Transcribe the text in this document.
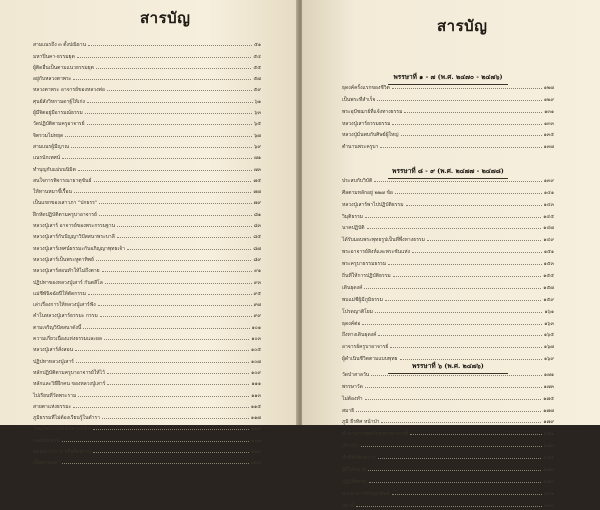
สารบัญ
สามเณรถึง ๓ ตั้งปณิธาน	๕๑
มหาปิ่นคา-ธรรมยุต	๕๔
ผู้ติดอื่นเป็นตามแนวธรรมยุต	๕๕
อยู่กับหลวงตาพระ	๕๗
หลวงตาพระ อาจารย์ของหลวงพ่อ	๕๙
ศุนย์สังวิหกามดาฐ์ให้เก่ง	๖๑
ผู้มีจิตอยู่มีอารมณ์ธรรม	๖๓
วัดปฏิบัติตามครูอาจารย์	๖๕
จิตรวมไม่หยุด	๖๗
สามเณรผู้มีญาณ	๖๙
เณรนักเทศน์	๗๑
ทำบุญกับแม่บนนิมิต	๗๓
สนใจการพิจารณาธาตุขันธ์	๗๕
ให้ทานหมาขี้เรื้อน	๗๗
เป็นแขกของเสาวภา "ปกธรร"	๗๙
ฝึกหัดปฏิบัติตามครูบาอาจารย์	๘๑
หลวงปู่เสาร์ อาจารย์ของพระกรรมฐาน	๘๓
หลวงปู่เสาร์กับปัญญาวิปัสสนาพระบาลี	๘๕
หลวงปู่เสาร์เทศน์ธรรมะกับอภิญญาพุทธเจ้า	๘๗
หลวงปู่เสาร์เป็นพระหูตาทิพย์	๘๙
หลวงปู่เสาร์สอนทำให้ไม่ถึงตาย	๙๑
ปฏิปทาของหลวงปู่เสาร์ กันตสีโล	๙๓
แม่ชีพันิจฉัยปีให้ตัดกรรม	๙๕
เล่าเรื่องการให้หลวงปู่เสาร์ฟัง	๙๗
คำในหลวงปู่เสาร์ธรรมะ กรรม	๙๙
ตามเจริญวิปัสสนาดังนี้	๑๐๑
ความเกี่ยวเนื่องแห่งธรรมและผล	๑๐๓
หลวงปู่เสาร์สั่งสอน	๑๐๕
ปฏิปทาหลวงปู่เสาร์	๑๐๗
หลักปฏิบัติตามครูบาอาจารย์ให้ไว้	๑๐๙
หลักและวิธีฝึกคน ของหลวงปู่เสาร์	๑๑๑
ไปเรียนที่วัดพระราม	๑๑๓
สายตาแห่งธรรมะ	๑๑๕
ภูมิธรรมที่ไม่ต้องเรียนรู้ในตำรา	๑๑๗
โดนโดนไล่ให้เดินตามนิมิต	๑๑๙
เจอบ่อพนาน	๑๒๑
พบอุดกรวการ หรือศีลธรรม	๑๒๓
เป็นพรหมดา	๑๒๕
สารบัญ
พรรษาที่ ๑ - ๗ (พ.ศ. ๒๔๗๐ - ๒๔๗๖)
ธุดงค์ครั้งแรกของชีวิต	๑๒๗
เป็นพระที่สำเร็จ	๑๒๙
พระอุปัชฌาย์ที่แจ้งทางธรรม	๑๓๑
หลวงปู่เสาร์ธรรมธรรม	๑๓๓
หลวงปู่มั่นพบกับศิษย์ผู้ใหญ่	๑๓๕
ตำนานพระครูบา	๑๓๗
พรรษาที่ ๘ - ๙ (พ.ศ. ๒๔๗๗ - ๒๔๗๘)
ประสบกับวิบัติ	๑๓๙
ศีลตามหลักอยู่ ๒๒๗ ข้อ	๑๔๑
หลวงปู่เสาร์พาไปปฏิบัติธรรม	๑๔๓
วิมุติธรรม	๑๔๕
นาคปฏิบัติ	๑๔๗
ได้รับมอบพระพุทธรูปเป็นที่พึ่งทางธรรม	๑๔๙
พระอาจารย์สิงห์และพระชันแห่ง	๑๕๑
พระครูบาธรรมธรรม	๑๕๓
ถิ่นที่ให้การปฏิบัติธรรม	๑๕๕
เดินธุดงค์	๑๕๗
พบแม่ชีผู้มีภูมิธรรม	๑๕๙
โปรดญาติโยม	๑๖๑
ธุดงค์ต่อ	๑๖๓
ถึงทางเดินธุดงค์	๑๖๕
อาจารย์ครูบาอาจารย์	๑๖๗
ผู้ดำเนินชีวิตตามแบบพุทธ	๑๖๙
พรรษาที่ ๖ (พ.ศ. ๒๔๗๖)
วัดป่าสาลวัน	๑๗๑
พรรษาวัด	๑๗๓
ไม่ต้องทำ	๑๗๕
สมาธิ	๑๗๗
ภูมิ ธีรทิศ หน้าป่า	๑๗๙
ตำนานการพบกับครูบาอาจารย์	๑๘๑
เจ้าหน้า	๑๘๓
ทำที่พักชั่วคราว	๑๘๕
ผู้ที่ได้สมาธิ	๑๘๗
ปฏิบัติธรรม	๑๘๙
พระอาจารย์กับลูกศิษย์	๑๙๑
สมาธิ	๑๙๓
